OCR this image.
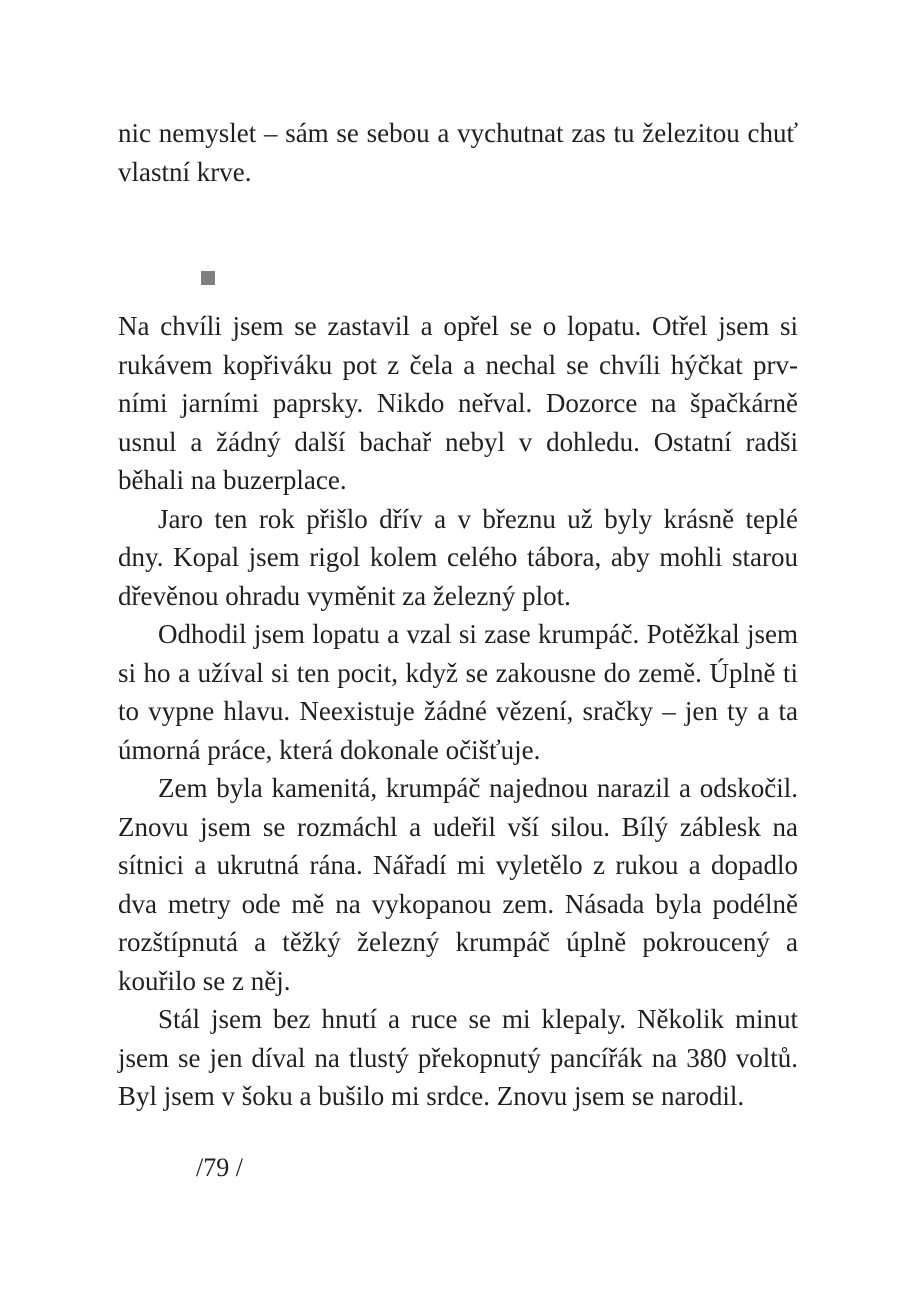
nic nemyslet – sám se sebou a vychutnat zas tu železitou chuť vlastní krve.

Na chvíli jsem se zastavil a opřel se o lopatu. Otřel jsem si rukávem kopřiváku pot z čela a nechal se chvíli hýčkat prvními jarními paprsky. Nikdo neřval. Dozorce na špačkárně usnul a žádný další bachař nebyl v dohledu. Ostatní radši běhali na buzerplace.

Jaro ten rok přišlo dřív a v březnu už byly krásně teplé dny. Kopal jsem rigol kolem celého tábora, aby mohli starou dřevěnou ohradu vyměnit za železný plot.

Odhodil jsem lopatu a vzal si zase krumpáč. Potěžkal jsem si ho a užíval si ten pocit, když se zakousne do země. Úplně ti to vypne hlavu. Neexistuje žádné vězení, sračky – jen ty a ta úmorná práce, která dokonale očišťuje.

Zem byla kamenitá, krumpáč najednou narazil a odskočil. Znovu jsem se rozmáchl a udeřil vší silou. Bílý záblesk na sítnici a ukrutná rána. Nářadí mi vyletělo z rukou a dopadlo dva metry ode mě na vykopanou zem. Násada byla podélně rozštípnutá a těžký železný krumpáč úplně pokroucený a kouřilo se z něj.

Stál jsem bez hnutí a ruce se mi klepaly. Několik minut jsem se jen díval na tlustý překopnutý pancířák na 380 voltů. Byl jsem v šoku a bušilo mi srdce. Znovu jsem se narodil.

/79 /
